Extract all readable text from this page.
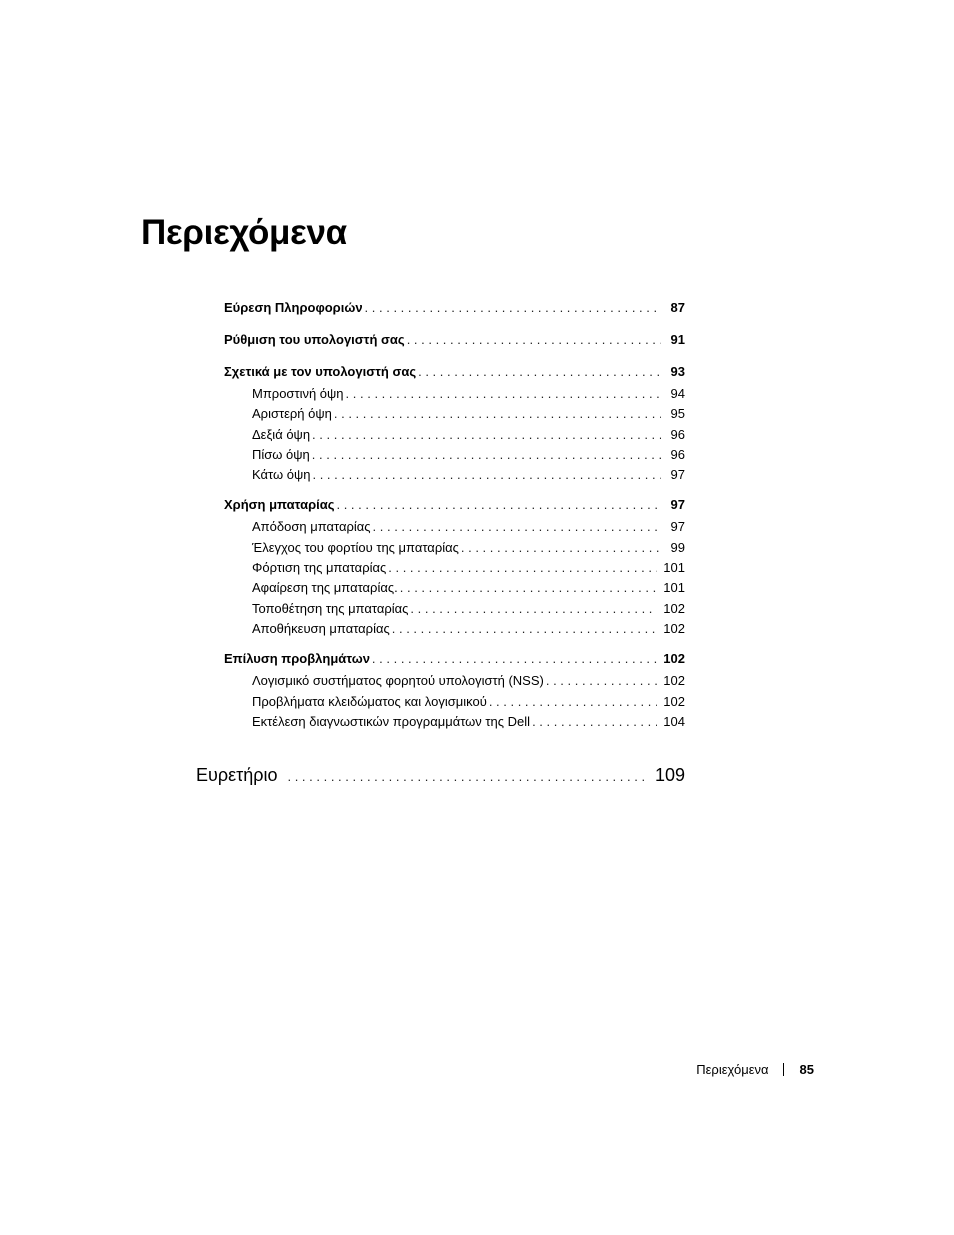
Περιεχόμενα
Εύρεση Πληροφοριών . . .	87
Ρύθμιση του υπολογιστή σας . . .	91
Σχετικά με τον υπολογιστή σας . . .	93
Μπροστινή όψη . . .	94
Αριστερή όψη . . .	95
Δεξιά όψη . . .	96
Πίσω όψη . . .	96
Κάτω όψη . . .	97
Χρήση μπαταρίας . . .	97
Απόδοση μπαταρίας . . .	97
Έλεγχος του φορτίου της μπαταρίας . . .	99
Φόρτιση της μπαταρίας . . .	101
Αφαίρεση της μπαταρίας. . . .	101
Τοποθέτηση της μπαταρίας . . .	102
Αποθήκευση μπαταρίας . . .	102
Επίλυση προβλημάτων . . .	102
Λογισμικό συστήματος φορητού υπολογιστή (NSS) . . .	102
Προβλήματα κλειδώματος και λογισμικού . . .	102
Εκτέλεση διαγνωστικών προγραμμάτων της Dell . . .	104
Ευρετήριο . . .	109
Περιεχόμενα 85
